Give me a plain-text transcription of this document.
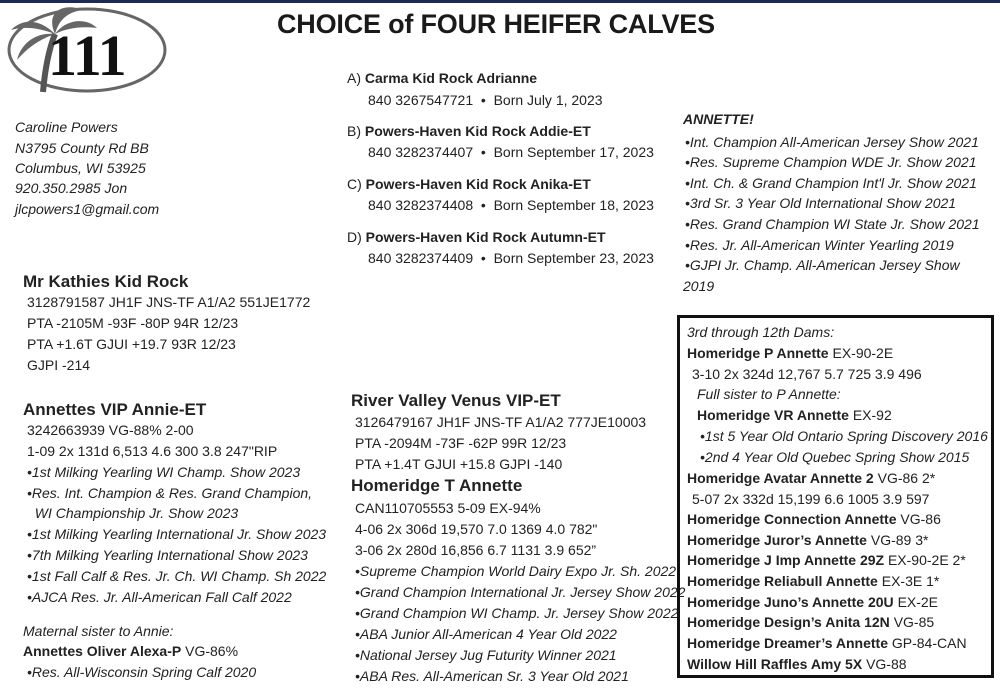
111	CHOICE of FOUR HEIFER CALVES
Caroline Powers
N3795 County Rd BB
Columbus, WI 53925
920.350.2985 Jon
jlcpowers1@gmail.com
A) Carma Kid Rock Adrianne
840 3267547721 • Born July 1, 2023
B) Powers-Haven Kid Rock Addie-ET
840 3282374407 • Born September 17, 2023
C) Powers-Haven Kid Rock Anika-ET
840 3282374408 • Born September 18, 2023
D) Powers-Haven Kid Rock Autumn-ET
840 3282374409 • Born September 23, 2023
Mr Kathies Kid Rock
3128791587 JH1F JNS-TF A1/A2 551JE1772
PTA -2105M -93F -80P 94R 12/23
PTA +1.6T GJUI +19.7 93R 12/23
GJPI -214
Annettes VIP Annie-ET
3242663939 VG-88% 2-00
1-09 2x 131d 6,513 4.6 300 3.8 247"RIP
•1st Milking Yearling WI Champ. Show 2023
•Res. Int. Champion & Res. Grand Champion,
WI Championship Jr. Show 2023
•1st Milking Yearling International Jr. Show 2023
•7th Milking Yearling International Show 2023
•1st Fall Calf & Res. Jr. Ch. WI Champ. Sh 2022
•AJCA Res. Jr. All-American Fall Calf 2022
Maternal sister to Annie:
Annettes Oliver Alexa-P VG-86%
•Res. All-Wisconsin Spring Calf 2020
River Valley Venus VIP-ET
3126479167 JH1F JNS-TF A1/A2 777JE10003
PTA -2094M -73F -62P 99R 12/23
PTA +1.4T GJUI +15.8 GJPI -140
Homeridge T Annette
CAN110705553 5-09 EX-94%
4-06 2x 306d 19,570 7.0 1369 4.0 782"
3-06 2x 280d 16,856 6.7 1131 3.9 652”
•Supreme Champion World Dairy Expo Jr. Sh. 2022
•Grand Champion International Jr. Jersey Show 2022
•Grand Champion WI Champ. Jr. Jersey Show 2022
•ABA Junior All-American 4 Year Old 2022
•National Jersey Jug Futurity Winner 2021
•ABA Res. All-American Sr. 3 Year Old 2021
ANNETTE!
•Int. Champion All-American Jersey Show 2021
•Res. Supreme Champion WDE Jr. Show 2021
•Int. Ch. & Grand Champion Int'l Jr. Show 2021
•3rd Sr. 3 Year Old International Show 2021
•Res. Grand Champion WI State Jr. Show 2021
•Res. Jr. All-American Winter Yearling 2019
•GJPI Jr. Champ. All-American Jersey Show
2019
3rd through 12th Dams:
Homeridge P Annette EX-90-2E
3-10 2x 324d 12,767 5.7 725 3.9 496
Full sister to P Annette:
Homeridge VR Annette EX-92
•1st 5 Year Old Ontario Spring Discovery 2016
•2nd 4 Year Old Quebec Spring Show 2015
Homeridge Avatar Annette 2 VG-86 2*
5-07 2x 332d 15,199 6.6 1005 3.9 597
Homeridge Connection Annette VG-86
Homeridge Juror’s Annette VG-89 3*
Homeridge J Imp Annette 29Z EX-90-2E 2*
Homeridge Reliabull Annette EX-3E 1*
Homeridge Juno’s Annette 20U EX-2E
Homeridge Design’s Anita 12N VG-85
Homeridge Dreamer’s Annette GP-84-CAN
Willow Hill Raffles Amy 5X VG-88
